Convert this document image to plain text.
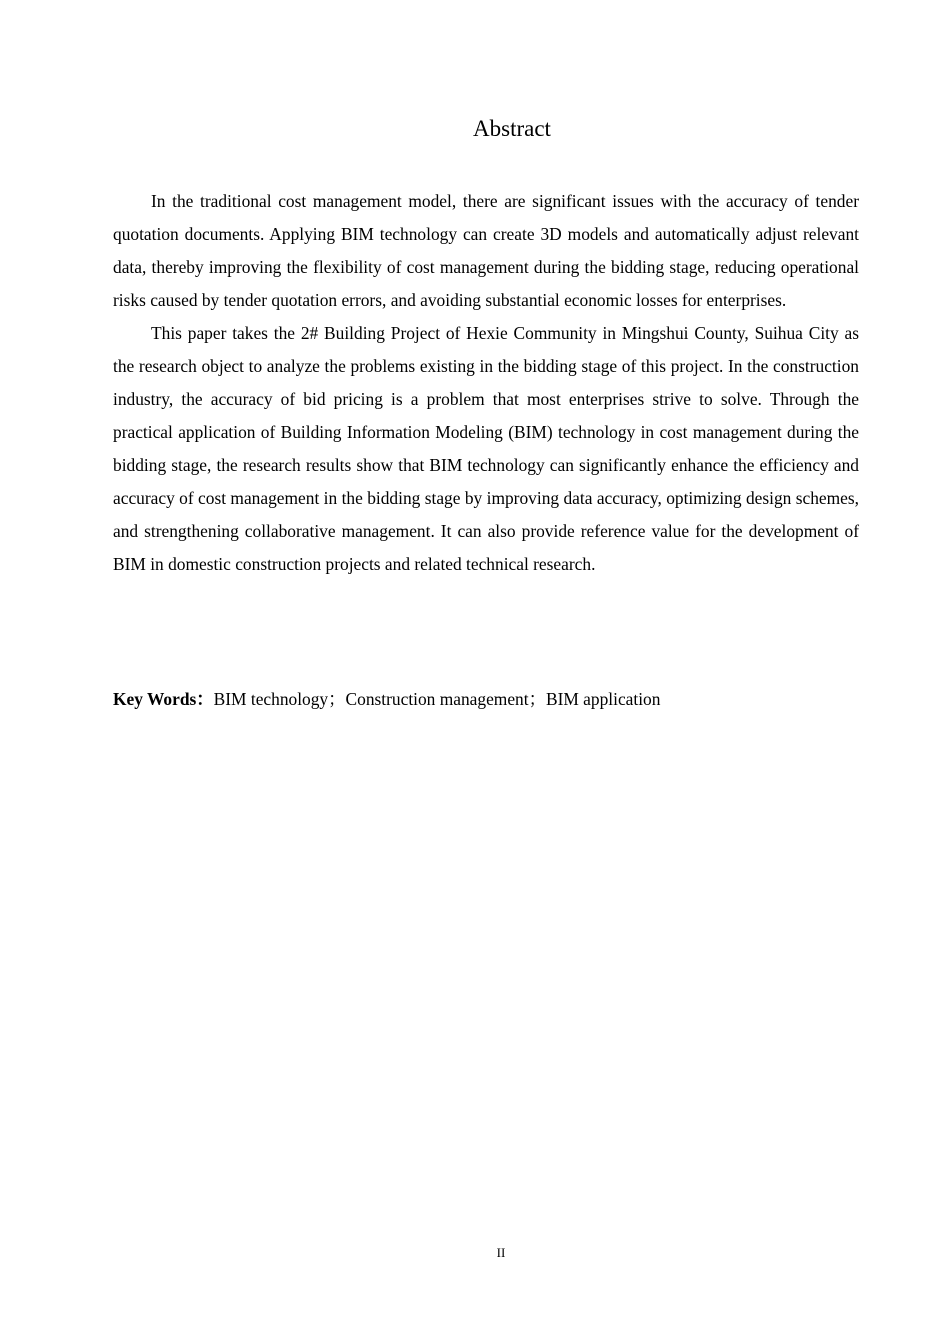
Abstract

In the traditional cost management model, there are significant issues with the accuracy of tender quotation documents. Applying BIM technology can create 3D models and automatically adjust relevant data, thereby improving the flexibility of cost management during the bidding stage, reducing operational risks caused by tender quotation errors, and avoiding substantial economic losses for enterprises.

This paper takes the 2# Building Project of Hexie Community in Mingshui County, Suihua City as the research object to analyze the problems existing in the bidding stage of this project. In the construction industry, the accuracy of bid pricing is a problem that most enterprises strive to solve. Through the practical application of Building Information Modeling (BIM) technology in cost management during the bidding stage, the research results show that BIM technology can significantly enhance the efficiency and accuracy of cost management in the bidding stage by improving data accuracy, optimizing design schemes, and strengthening collaborative management. It can also provide reference value for the development of BIM in domestic construction projects and related technical research.

Key Words：BIM technology；Construction management；BIM application

II
